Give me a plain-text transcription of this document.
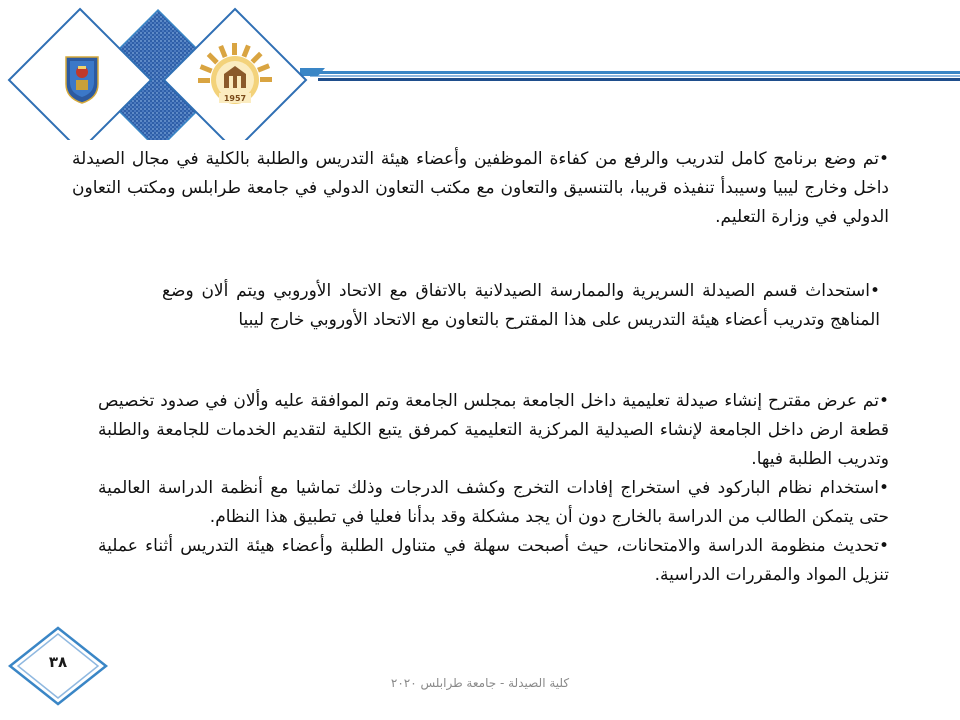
1957

•تم وضع برنامج كامل لتدريب والرفع من كفاءة الموظفين وأعضاء هيئة التدريس والطلبة بالكلية في مجال الصيدلة داخل وخارج ليبيا وسيبدأ تنفيذه قريبا، بالتنسيق والتعاون مع مكتب التعاون الدولي في جامعة طرابلس ومكتب التعاون الدولي في وزارة التعليم.

•استحداث قسم الصيدلة السريرية والممارسة الصيدلانية بالاتفاق مع الاتحاد الأوروبي ويتم ألان وضع المناهج وتدريب أعضاء هيئة التدريس على هذا المقترح بالتعاون مع الاتحاد الأوروبي خارج ليبيا

•تم عرض مقترح إنشاء صيدلة تعليمية داخل الجامعة بمجلس الجامعة وتم الموافقة عليه وألان في صدود تخصيص قطعة ارض داخل الجامعة لإنشاء الصيدلية المركزية التعليمية كمرفق يتبع الكلية لتقديم الخدمات للجامعة والطلبة وتدريب الطلبة فيها.

•استخدام نظام الباركود في استخراج إفادات التخرج وكشف الدرجات وذلك تماشيا مع أنظمة الدراسة العالمية حتى يتمكن الطالب من الدراسة بالخارج دون أن يجد مشكلة وقد بدأنا فعليا في تطبيق هذا النظام.

•تحديث منظومة الدراسة والامتحانات، حيث أصبحت سهلة في متناول الطلبة وأعضاء هيئة التدريس أثناء عملية تنزيل المواد والمقررات الدراسية.

٣٨
كلية الصيدلة - جامعة طرابلس ٢٠٢٠
